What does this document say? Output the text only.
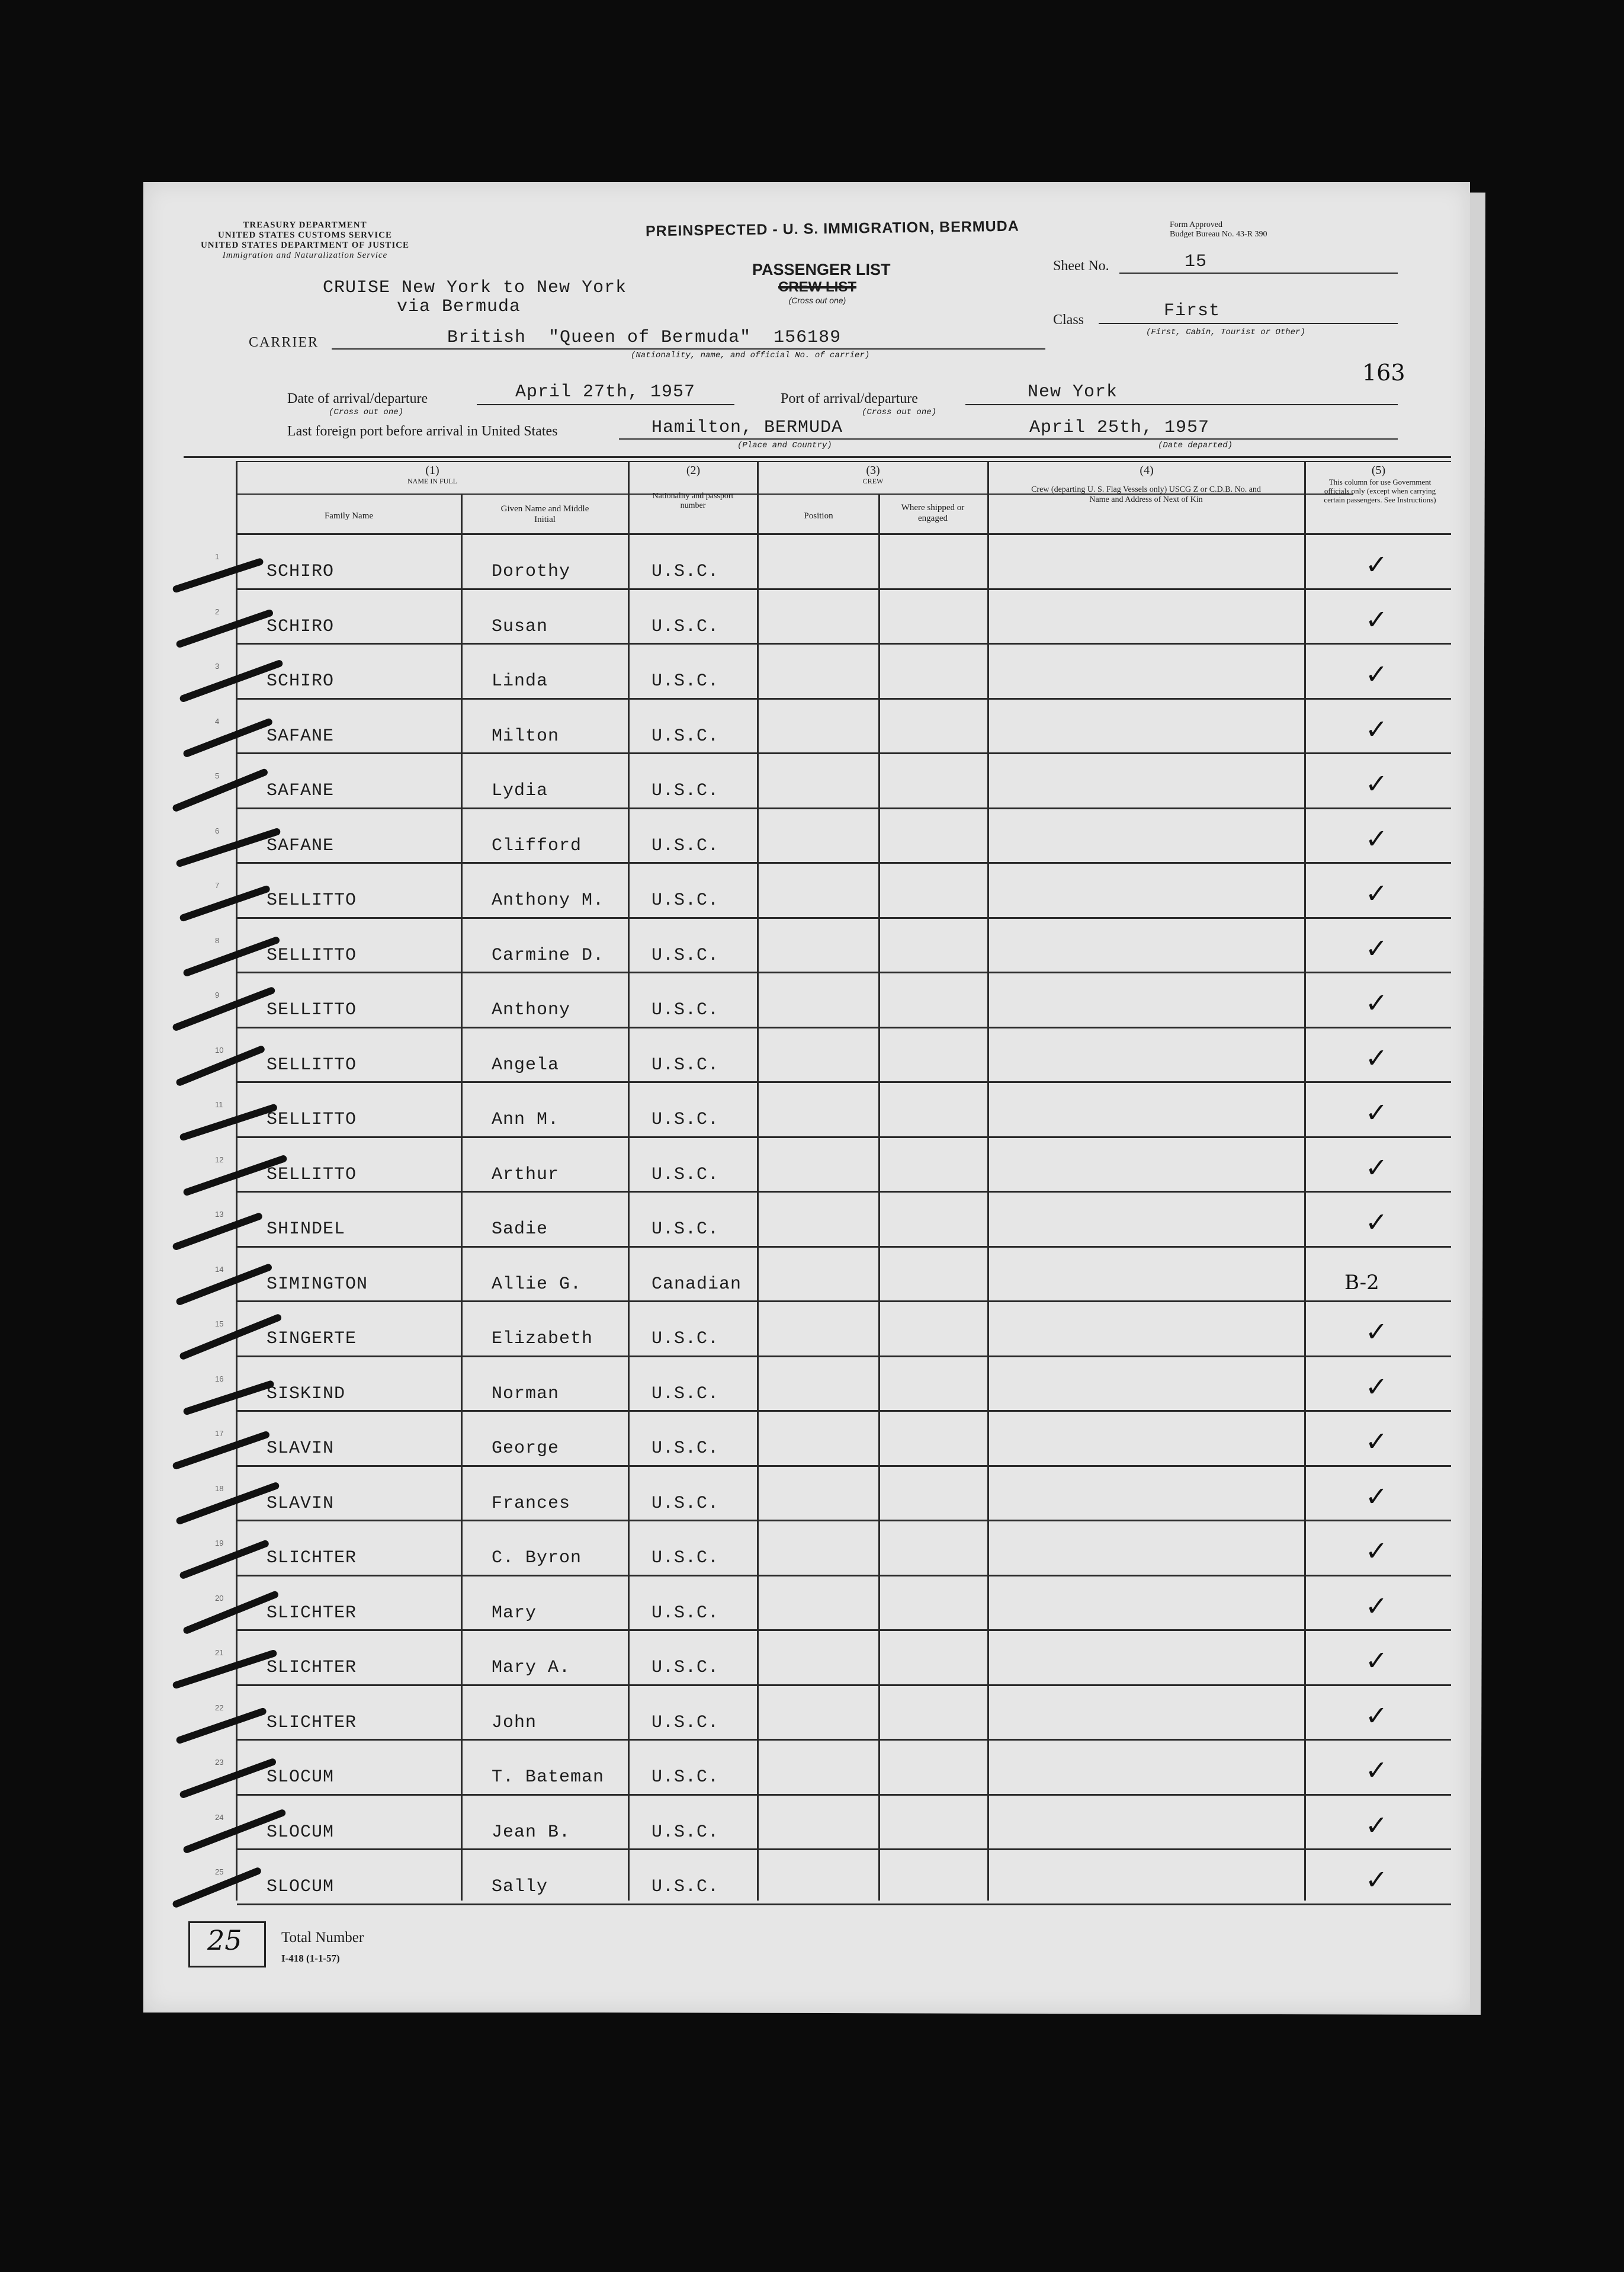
TREASURY DEPARTMENT
UNITED STATES CUSTOMS SERVICE
UNITED STATES DEPARTMENT OF JUSTICE
Immigration and Naturalization Service
PREINSPECTED - U. S. IMMIGRATION, BERMUDA	Form Approved
Budget Bureau No. 43-R 390
PASSENGER LIST
CREW LIST
(Cross out one)
Sheet No.	15
CRUISE New York to New York
via Bermuda
Class	First
(First, Cabin, Tourist or Other)
CARRIER	British  "Queen of Bermuda"  156189
(Nationality, name, and official No. of carrier)
163
Date of arrival/departure
(Cross out one)
April 27th, 1957	Port of arrival/departure
(Cross out one)
New York
Last foreign port before arrival in United States	Hamilton, BERMUDA
(Place and Country)
April 25th, 1957
(Date departed)
(1)
NAME IN FULL
Family Name
Given Name and Middle Initial
(2)
Nationality and passport number
(3)
CREW
Position
Where shipped or engaged
(4)
Crew (departing U. S. Flag Vessels only) USCG Z or C.D.B. No. and Name and Address of Next of Kin
(5)
This column for use Government officials only (except when carrying certain passengers. See Instructions)
1
SCHIRO	Dorothy	U.S.C.	✓
2
SCHIRO	Susan	U.S.C.	✓
3
SCHIRO	Linda	U.S.C.	✓
4
SAFANE	Milton	U.S.C.	✓
5
SAFANE	Lydia	U.S.C.	✓
6
SAFANE	Clifford	U.S.C.	✓
7
SELLITTO	Anthony M.	U.S.C.	✓
8
SELLITTO	Carmine D.	U.S.C.	✓
9
SELLITTO	Anthony	U.S.C.	✓
10
SELLITTO	Angela	U.S.C.	✓
11
SELLITTO	Ann M.	U.S.C.	✓
12
SELLITTO	Arthur	U.S.C.	✓
13
SHINDEL	Sadie	U.S.C.	✓
14
SIMINGTON	Allie G.	Canadian	B-2
15
SINGERTE	Elizabeth	U.S.C.	✓
16
SISKIND	Norman	U.S.C.	✓
17
SLAVIN	George	U.S.C.	✓
18
SLAVIN	Frances	U.S.C.	✓
19
SLICHTER	C. Byron	U.S.C.	✓
20
SLICHTER	Mary	U.S.C.	✓
21
SLICHTER	Mary A.	U.S.C.	✓
22
SLICHTER	John	U.S.C.	✓
23
SLOCUM	T. Bateman	U.S.C.	✓
24
SLOCUM	Jean B.	U.S.C.	✓
25
SLOCUM	Sally	U.S.C.	✓
25	Total Number
I-418 (1-1-57)
